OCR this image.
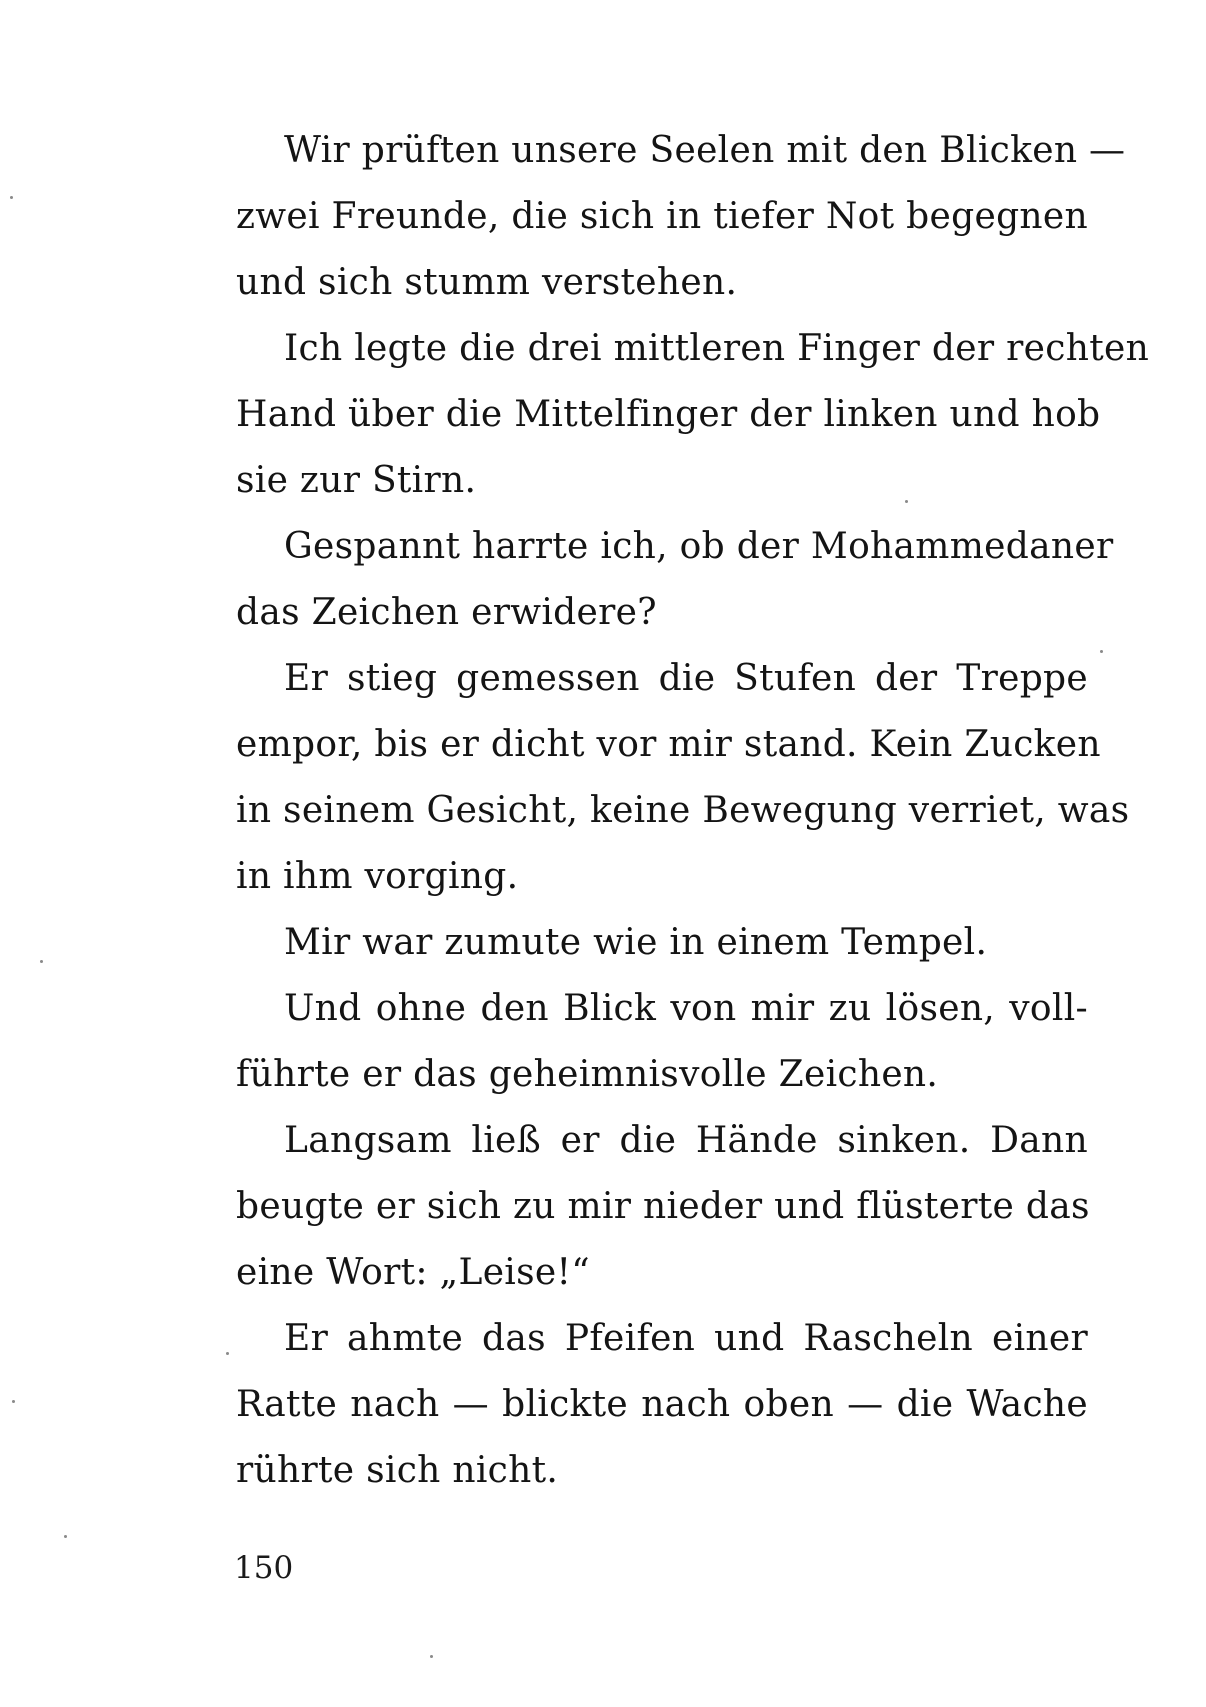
Wir prüften unsere Seelen mit den Blicken —
zwei Freunde, die sich in tiefer Not begegnen
und sich stumm verstehen.
Ich legte die drei mittleren Finger der rechten
Hand über die Mittelfinger der linken und hob
sie zur Stirn.
Gespannt harrte ich, ob der Mohammedaner
das Zeichen erwidere?
Er stieg gemessen die Stufen der Treppe
empor, bis er dicht vor mir stand. Kein Zucken
in seinem Gesicht, keine Bewegung verriet, was
in ihm vorging.
Mir war zumute wie in einem Tempel.
Und ohne den Blick von mir zu lösen, voll-
führte er das geheimnisvolle Zeichen.
Langsam ließ er die Hände sinken. Dann
beugte er sich zu mir nieder und flüsterte das
eine Wort: „Leise!“
Er ahmte das Pfeifen und Rascheln einer
Ratte nach — blickte nach oben — die Wache
rührte sich nicht.
150
